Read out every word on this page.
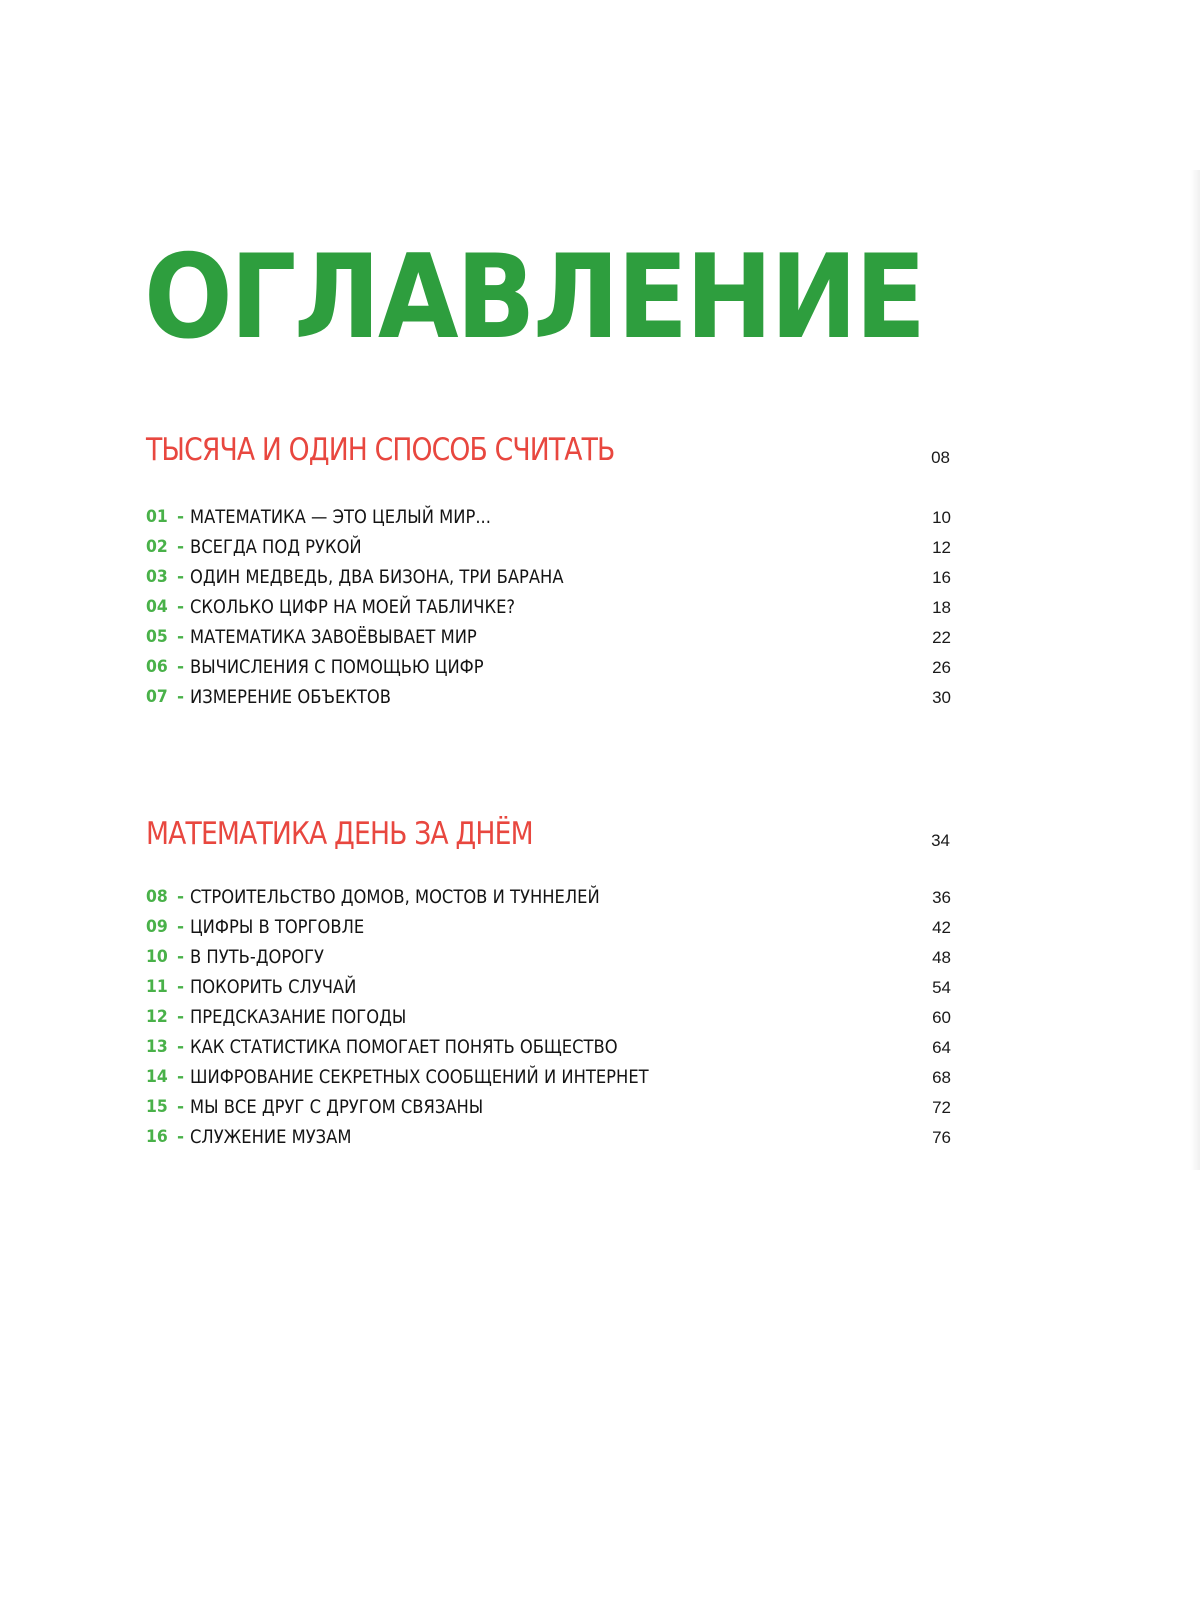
ОГЛАВЛЕНИЕ
ТЫСЯЧА И ОДИН СПОСОБ СЧИТАТЬ	08
01 - МАТЕМАТИКА — ЭТО ЦЕЛЫЙ МИР...	10
02 - ВСЕГДА ПОД РУКОЙ	12
03 - ОДИН МЕДВЕДЬ, ДВА БИЗОНА, ТРИ БАРАНА	16
04 - СКОЛЬКО ЦИФР НА МОЕЙ ТАБЛИЧКЕ?	18
05 - МАТЕМАТИКА ЗАВОЁВЫВАЕТ МИР	22
06 - ВЫЧИСЛЕНИЯ С ПОМОЩЬЮ ЦИФР	26
07 - ИЗМЕРЕНИЕ ОБЪЕКТОВ	30
МАТЕМАТИКА ДЕНЬ ЗА ДНЁМ	34
08 - СТРОИТЕЛЬСТВО ДОМОВ, МОСТОВ И ТУННЕЛЕЙ	36
09 - ЦИФРЫ В ТОРГОВЛЕ	42
10 - В ПУТЬ-ДОРОГУ	48
11 - ПОКОРИТЬ СЛУЧАЙ	54
12 - ПРЕДСКАЗАНИЕ ПОГОДЫ	60
13 - КАК СТАТИСТИКА ПОМОГАЕТ ПОНЯТЬ ОБЩЕСТВО	64
14 - ШИФРОВАНИЕ СЕКРЕТНЫХ СООБЩЕНИЙ И ИНТЕРНЕТ	68
15 - МЫ ВСЕ ДРУГ С ДРУГОМ СВЯЗАНЫ	72
16 - СЛУЖЕНИЕ МУЗАМ	76
